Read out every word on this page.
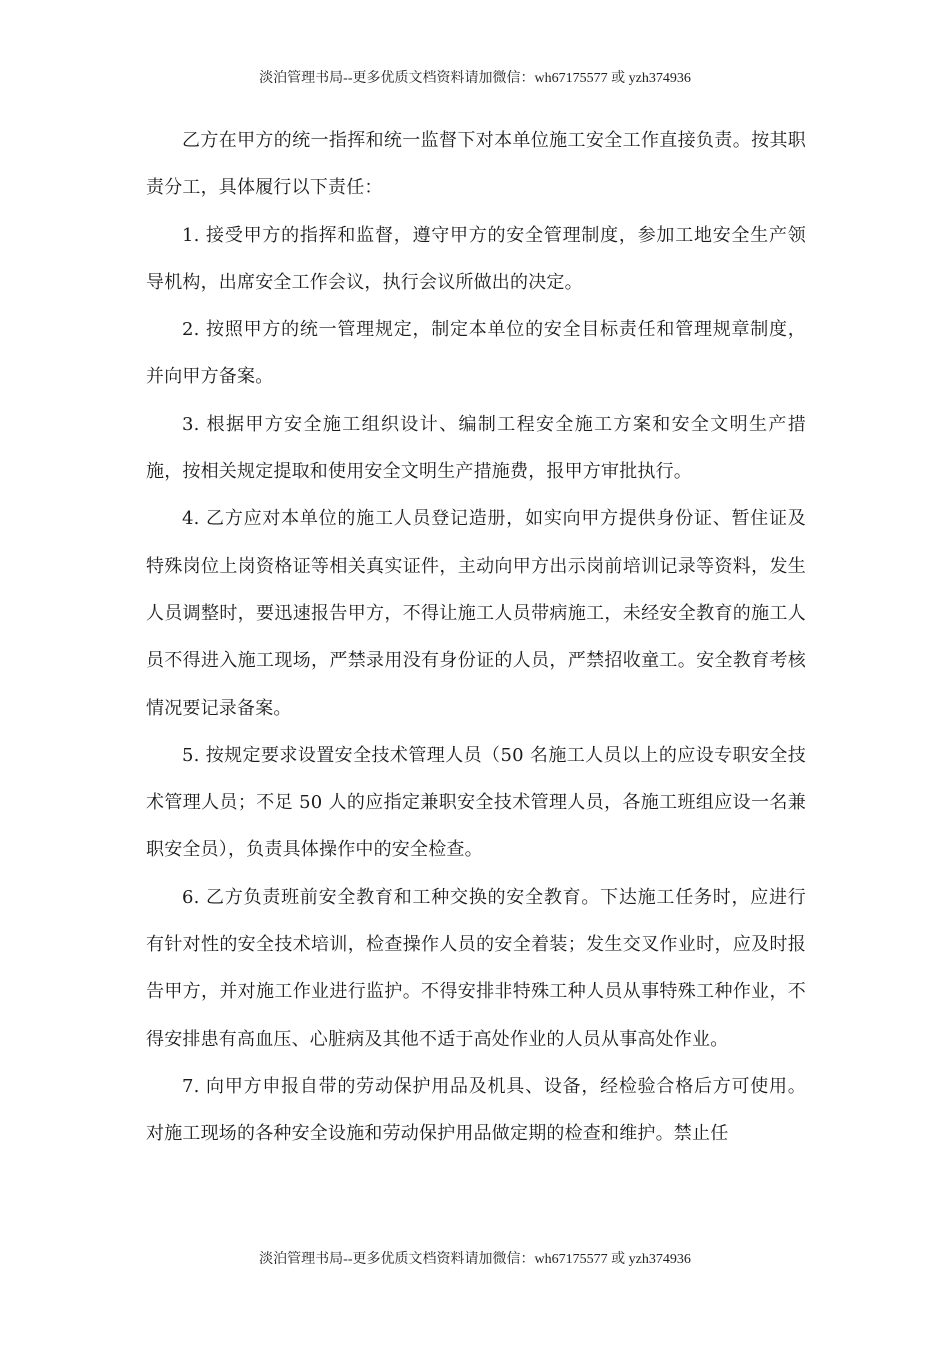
淡泊管理书局--更多优质文档资料请加微信：wh67175577 或 yzh374936

乙方在甲方的统一指挥和统一监督下对本单位施工安全工作直接负责。按其职责分工，具体履行以下责任：

1. 接受甲方的指挥和监督，遵守甲方的安全管理制度，参加工地安全生产领导机构，出席安全工作会议，执行会议所做出的决定。

2. 按照甲方的统一管理规定，制定本单位的安全目标责任和管理规章制度，并向甲方备案。

3. 根据甲方安全施工组织设计、编制工程安全施工方案和安全文明生产措施，按相关规定提取和使用安全文明生产措施费，报甲方审批执行。

4. 乙方应对本单位的施工人员登记造册，如实向甲方提供身份证、暂住证及特殊岗位上岗资格证等相关真实证件，主动向甲方出示岗前培训记录等资料，发生人员调整时，要迅速报告甲方，不得让施工人员带病施工，未经安全教育的施工人员不得进入施工现场，严禁录用没有身份证的人员，严禁招收童工。安全教育考核情况要记录备案。

5. 按规定要求设置安全技术管理人员（50 名施工人员以上的应设专职安全技术管理人员；不足 50 人的应指定兼职安全技术管理人员，各施工班组应设一名兼职安全员），负责具体操作中的安全检查。

6. 乙方负责班前安全教育和工种交换的安全教育。下达施工任务时，应进行有针对性的安全技术培训，检查操作人员的安全着装；发生交叉作业时，应及时报告甲方，并对施工作业进行监护。不得安排非特殊工种人员从事特殊工种作业，不得安排患有高血压、心脏病及其他不适于高处作业的人员从事高处作业。

7. 向甲方申报自带的劳动保护用品及机具、设备，经检验合格后方可使用。对施工现场的各种安全设施和劳动保护用品做定期的检查和维护。禁止任

淡泊管理书局--更多优质文档资料请加微信：wh67175577 或 yzh374936
